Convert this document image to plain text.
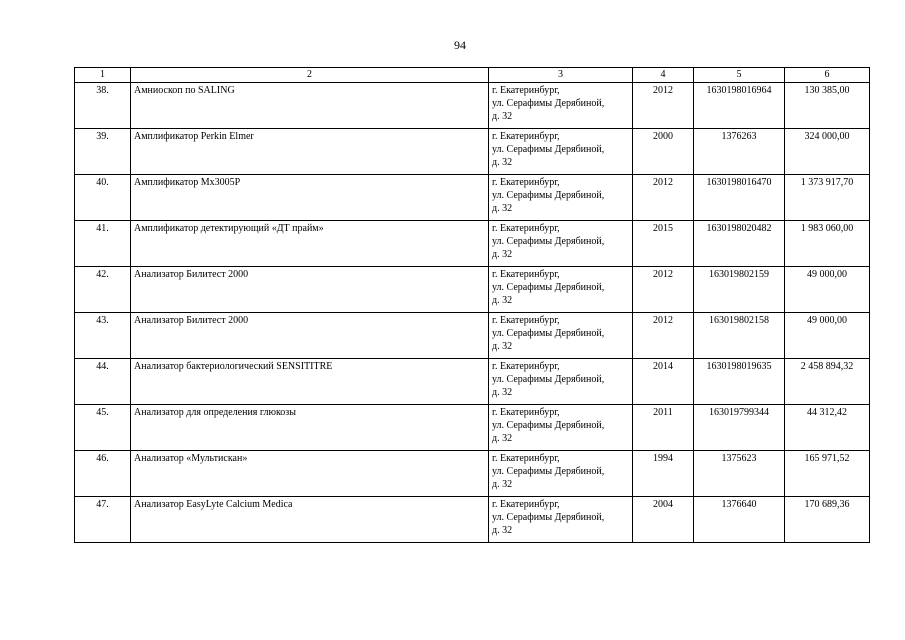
94
1	2	3	4	5	6
38.	Амниоскоп по SALING	г. Екатеринбург,
ул. Серафимы Дерябиной,
д. 32	2012	1630198016964	130 385,00
39.	Амплификатор Perkin Elmer	г. Екатеринбург,
ул. Серафимы Дерябиной,
д. 32	2000	1376263	324 000,00
40.	Амплификатор Mx3005P	г. Екатеринбург,
ул. Серафимы Дерябиной,
д. 32	2012	1630198016470	1 373 917,70
41.	Амплификатор детектирующий «ДТ прайм»	г. Екатеринбург,
ул. Серафимы Дерябиной,
д. 32	2015	1630198020482	1 983 060,00
42.	Анализатор Билитест 2000	г. Екатеринбург,
ул. Серафимы Дерябиной,
д. 32	2012	163019802159	49 000,00
43.	Анализатор Билитест 2000	г. Екатеринбург,
ул. Серафимы Дерябиной,
д. 32	2012	163019802158	49 000,00
44.	Анализатор бактериологический SENSITITRE	г. Екатеринбург,
ул. Серафимы Дерябиной,
д. 32	2014	1630198019635	2 458 894,32
45.	Анализатор для определения глюкозы	г. Екатеринбург,
ул. Серафимы Дерябиной,
д. 32	2011	163019799344	44 312,42
46.	Анализатор «Мультискан»	г. Екатеринбург,
ул. Серафимы Дерябиной,
д. 32	1994	1375623	165 971,52
47.	Анализатор EasyLyte Calcium Medica	г. Екатеринбург,
ул. Серафимы Дерябиной,
д. 32	2004	1376640	170 689,36
